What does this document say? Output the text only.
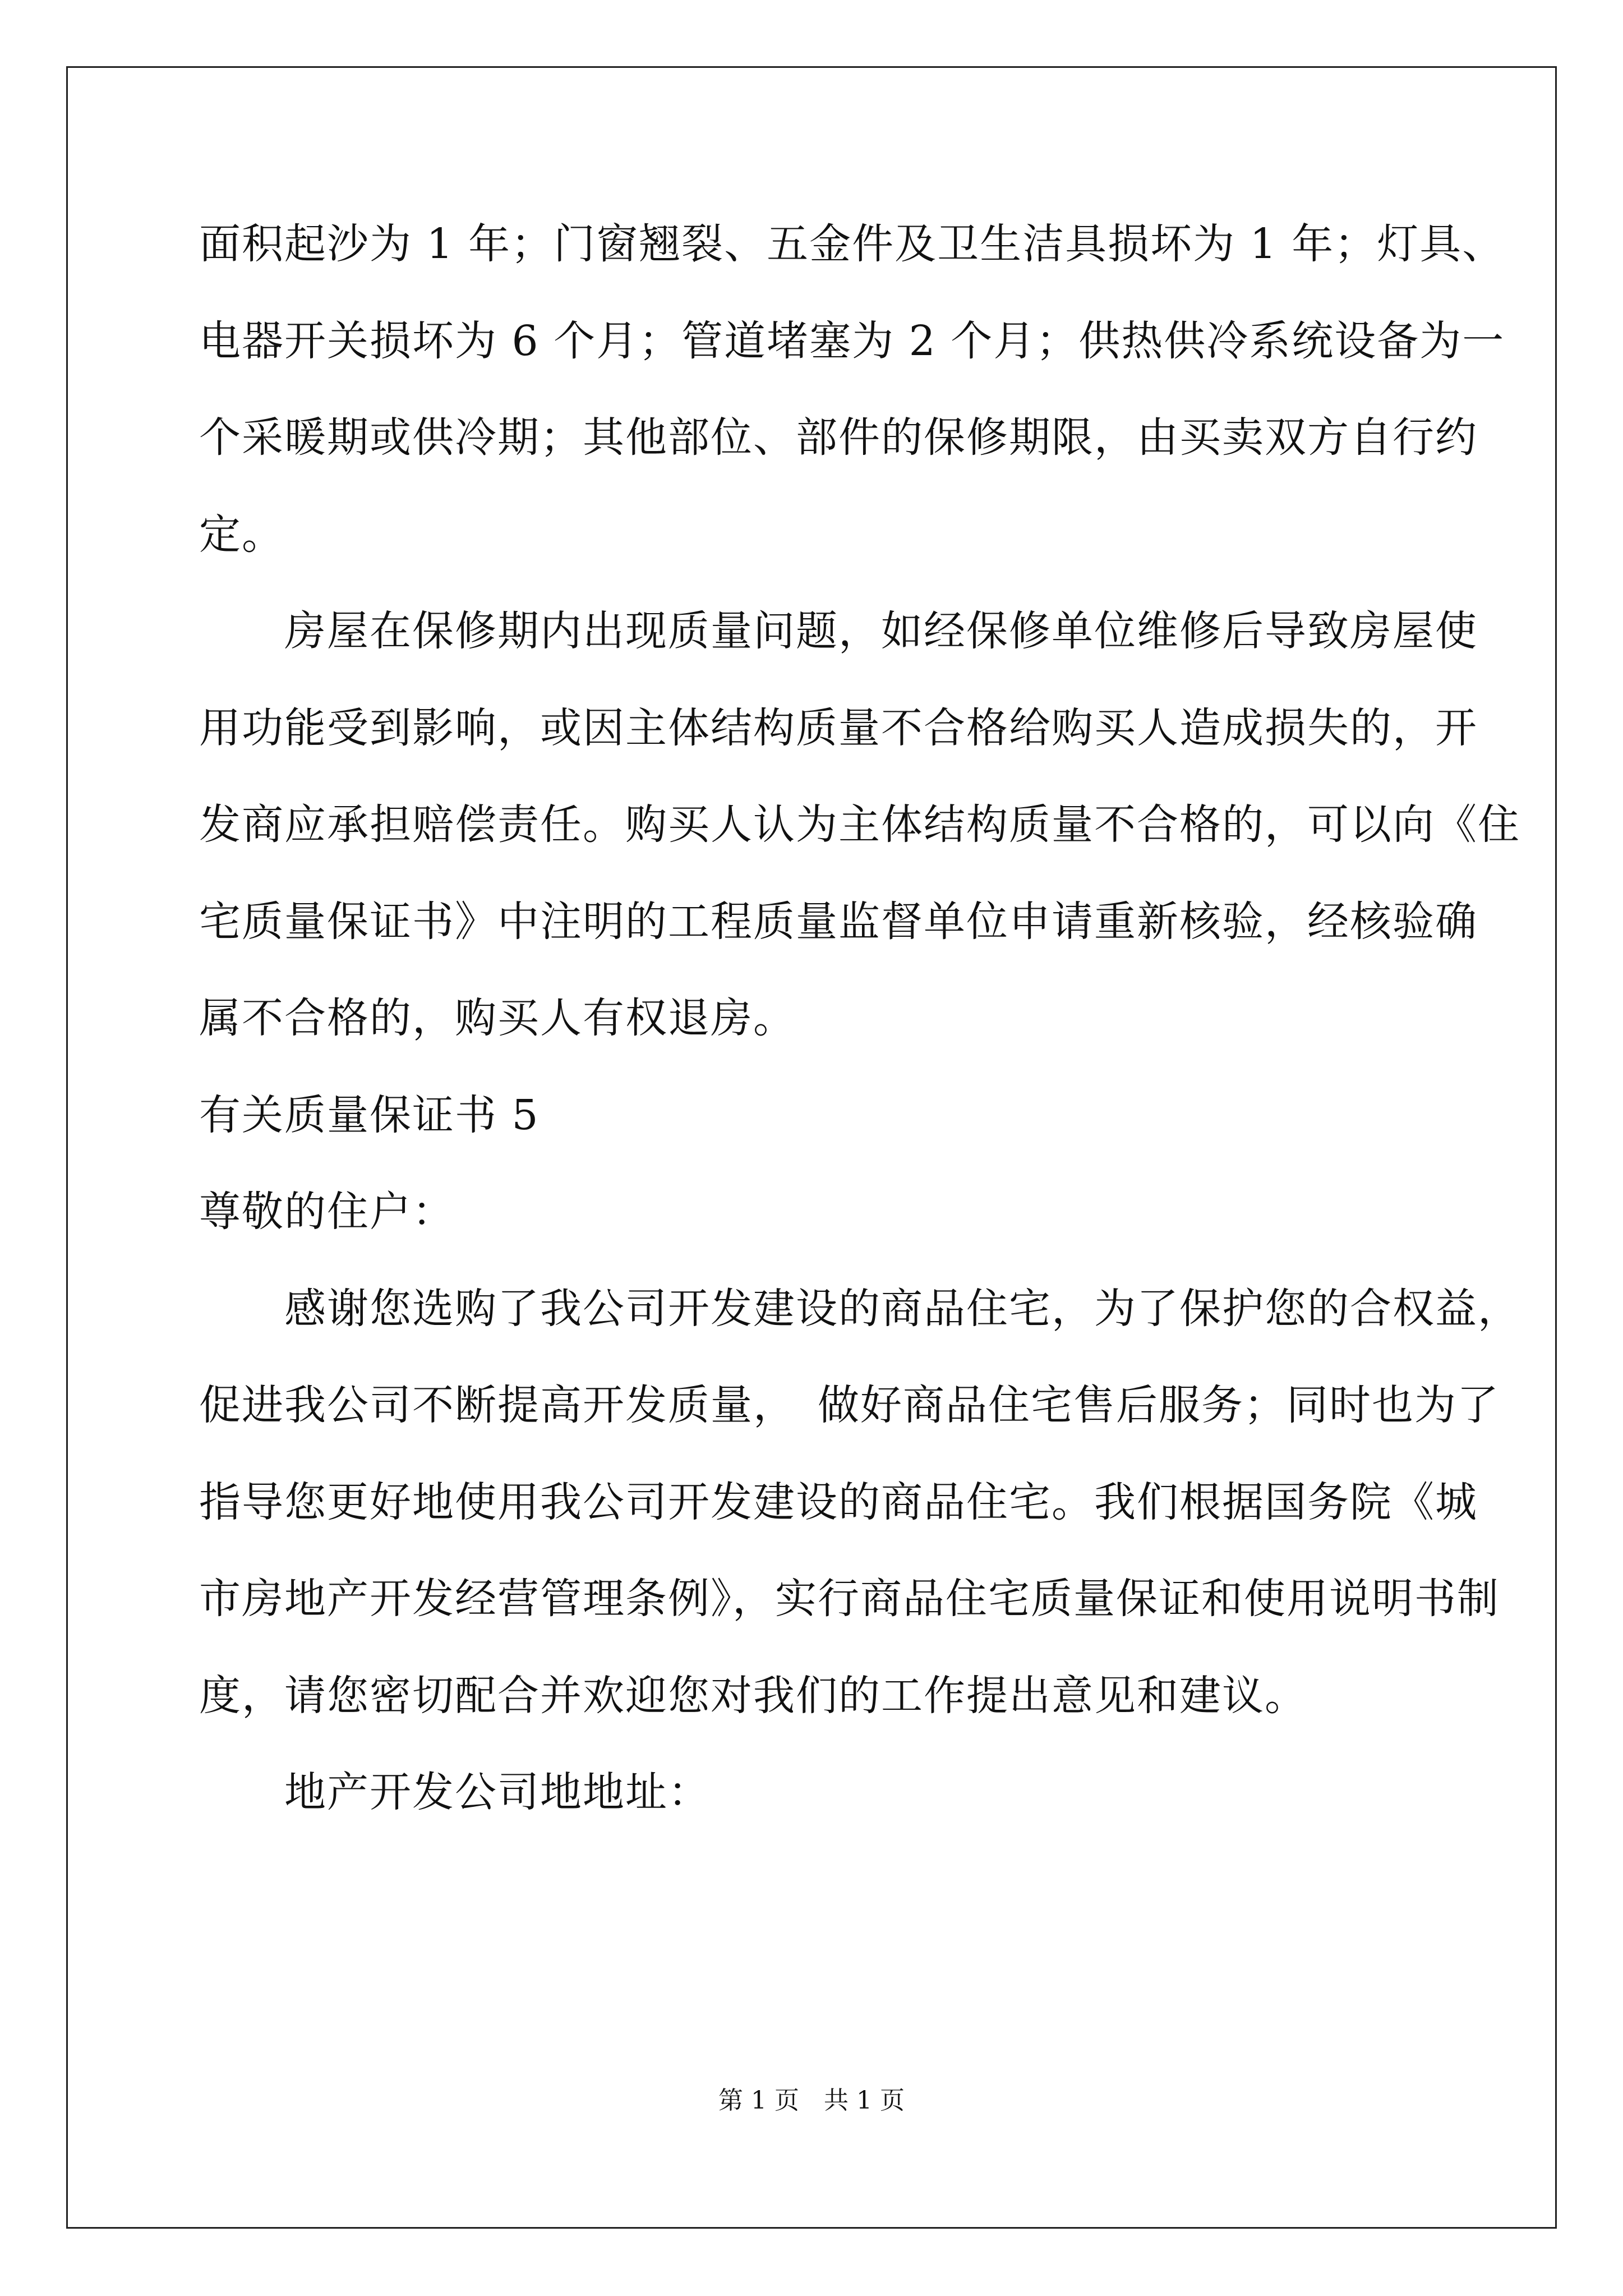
面积起沙为 1 年；门窗翘裂、五金件及卫生洁具损坏为 1 年；灯具、
电器开关损坏为 6 个月；管道堵塞为 2 个月；供热供冷系统设备为一
个采暖期或供冷期；其他部位、部件的保修期限，由买卖双方自行约
定。
　　房屋在保修期内出现质量问题，如经保修单位维修后导致房屋使
用功能受到影响，或因主体结构质量不合格给购买人造成损失的，开
发商应承担赔偿责任。购买人认为主体结构质量不合格的，可以向《住
宅质量保证书》中注明的工程质量监督单位申请重新核验，经核验确
属不合格的，购买人有权退房。
有关质量保证书 5
尊敬的住户：
　　感谢您选购了我公司开发建设的商品住宅，为了保护您的合权益，
促进我公司不断提高开发质量，　做好商品住宅售后服务；同时也为了
指导您更好地使用我公司开发建设的商品住宅。我们根据国务院《城
市房地产开发经营管理条例》，实行商品住宅质量保证和使用说明书制
度，请您密切配合并欢迎您对我们的工作提出意见和建议。
　　地产开发公司地地址：
第 1 页　共 1 页
